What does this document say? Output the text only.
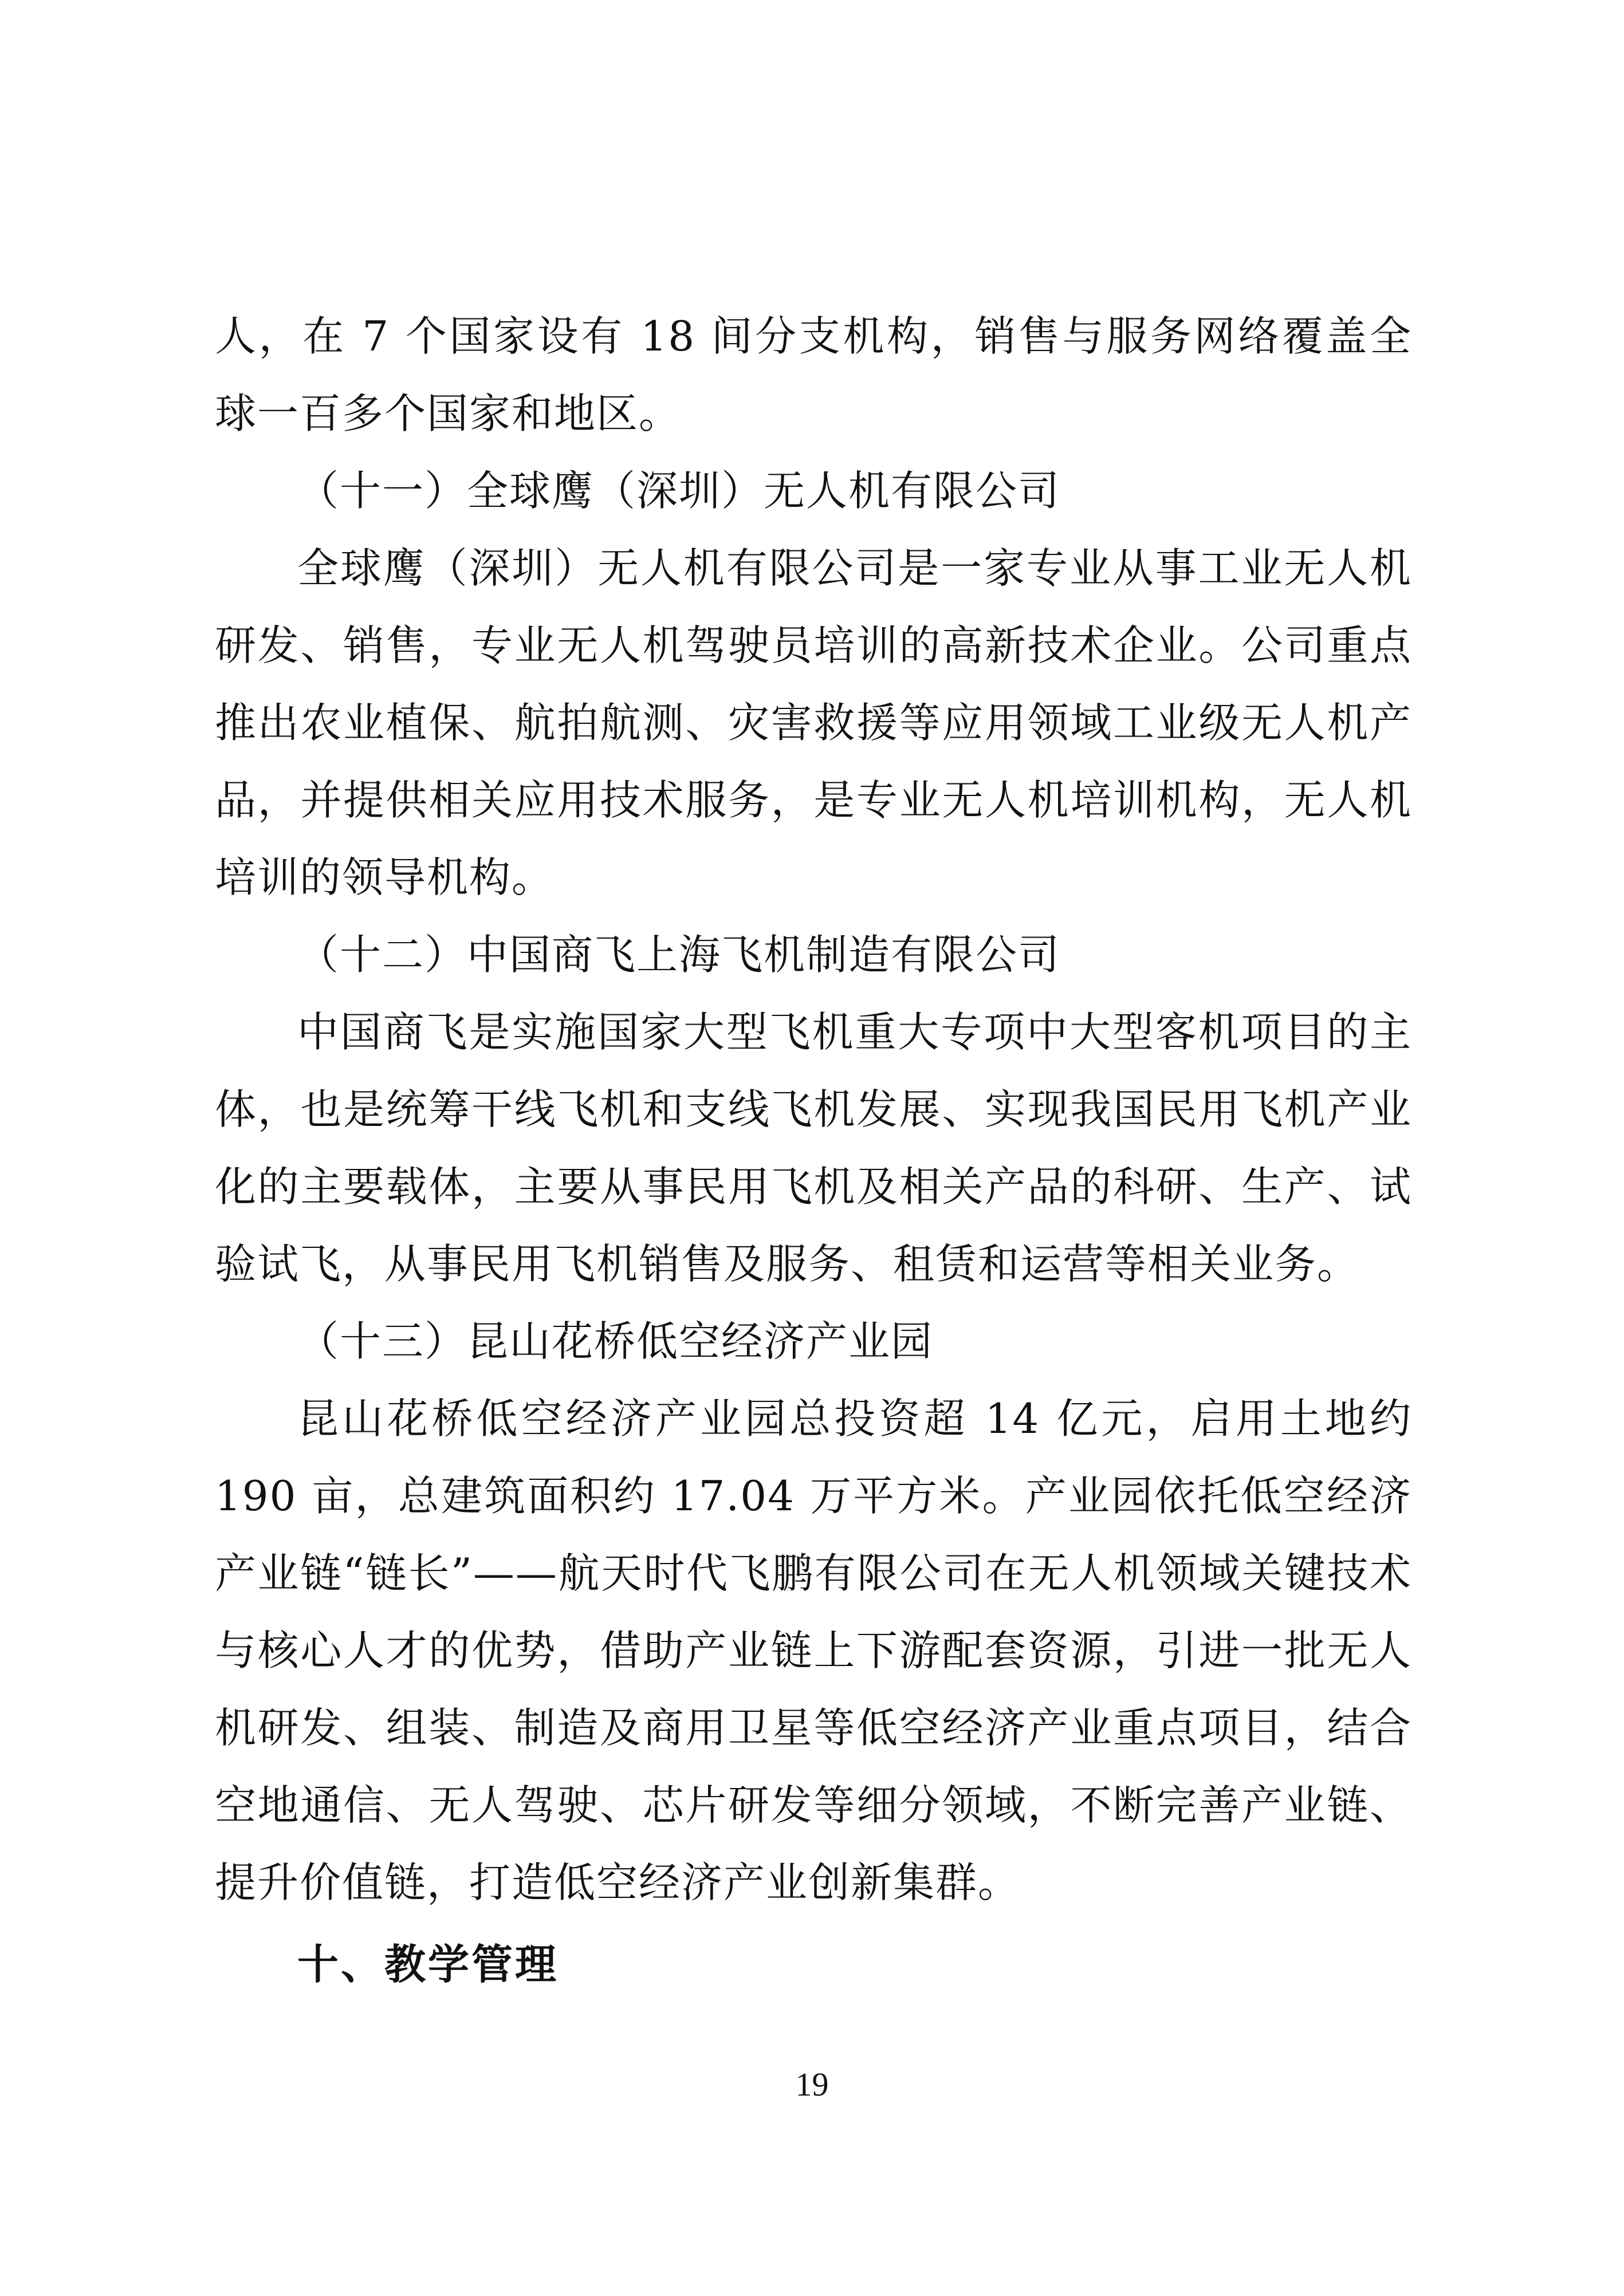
人，在 7 个国家设有 18 间分支机构，销售与服务网络覆盖全球一百多个国家和地区。

（十一）全球鹰（深圳）无人机有限公司

全球鹰（深圳）无人机有限公司是一家专业从事工业无人机研发、销售，专业无人机驾驶员培训的高新技术企业。公司重点推出农业植保、航拍航测、灾害救援等应用领域工业级无人机产品，并提供相关应用技术服务，是专业无人机培训机构，无人机培训的领导机构。

（十二）中国商飞上海飞机制造有限公司

中国商飞是实施国家大型飞机重大专项中大型客机项目的主体，也是统筹干线飞机和支线飞机发展、实现我国民用飞机产业化的主要载体，主要从事民用飞机及相关产品的科研、生产、试验试飞，从事民用飞机销售及服务、租赁和运营等相关业务。

（十三）昆山花桥低空经济产业园

昆山花桥低空经济产业园总投资超 14 亿元，启用土地约 190 亩，总建筑面积约 17.04 万平方米。产业园依托低空经济产业链“链长”——航天时代飞鹏有限公司在无人机领域关键技术与核心人才的优势，借助产业链上下游配套资源，引进一批无人机研发、组装、制造及商用卫星等低空经济产业重点项目，结合空地通信、无人驾驶、芯片研发等细分领域，不断完善产业链、提升价值链，打造低空经济产业创新集群。

十、教学管理

19
